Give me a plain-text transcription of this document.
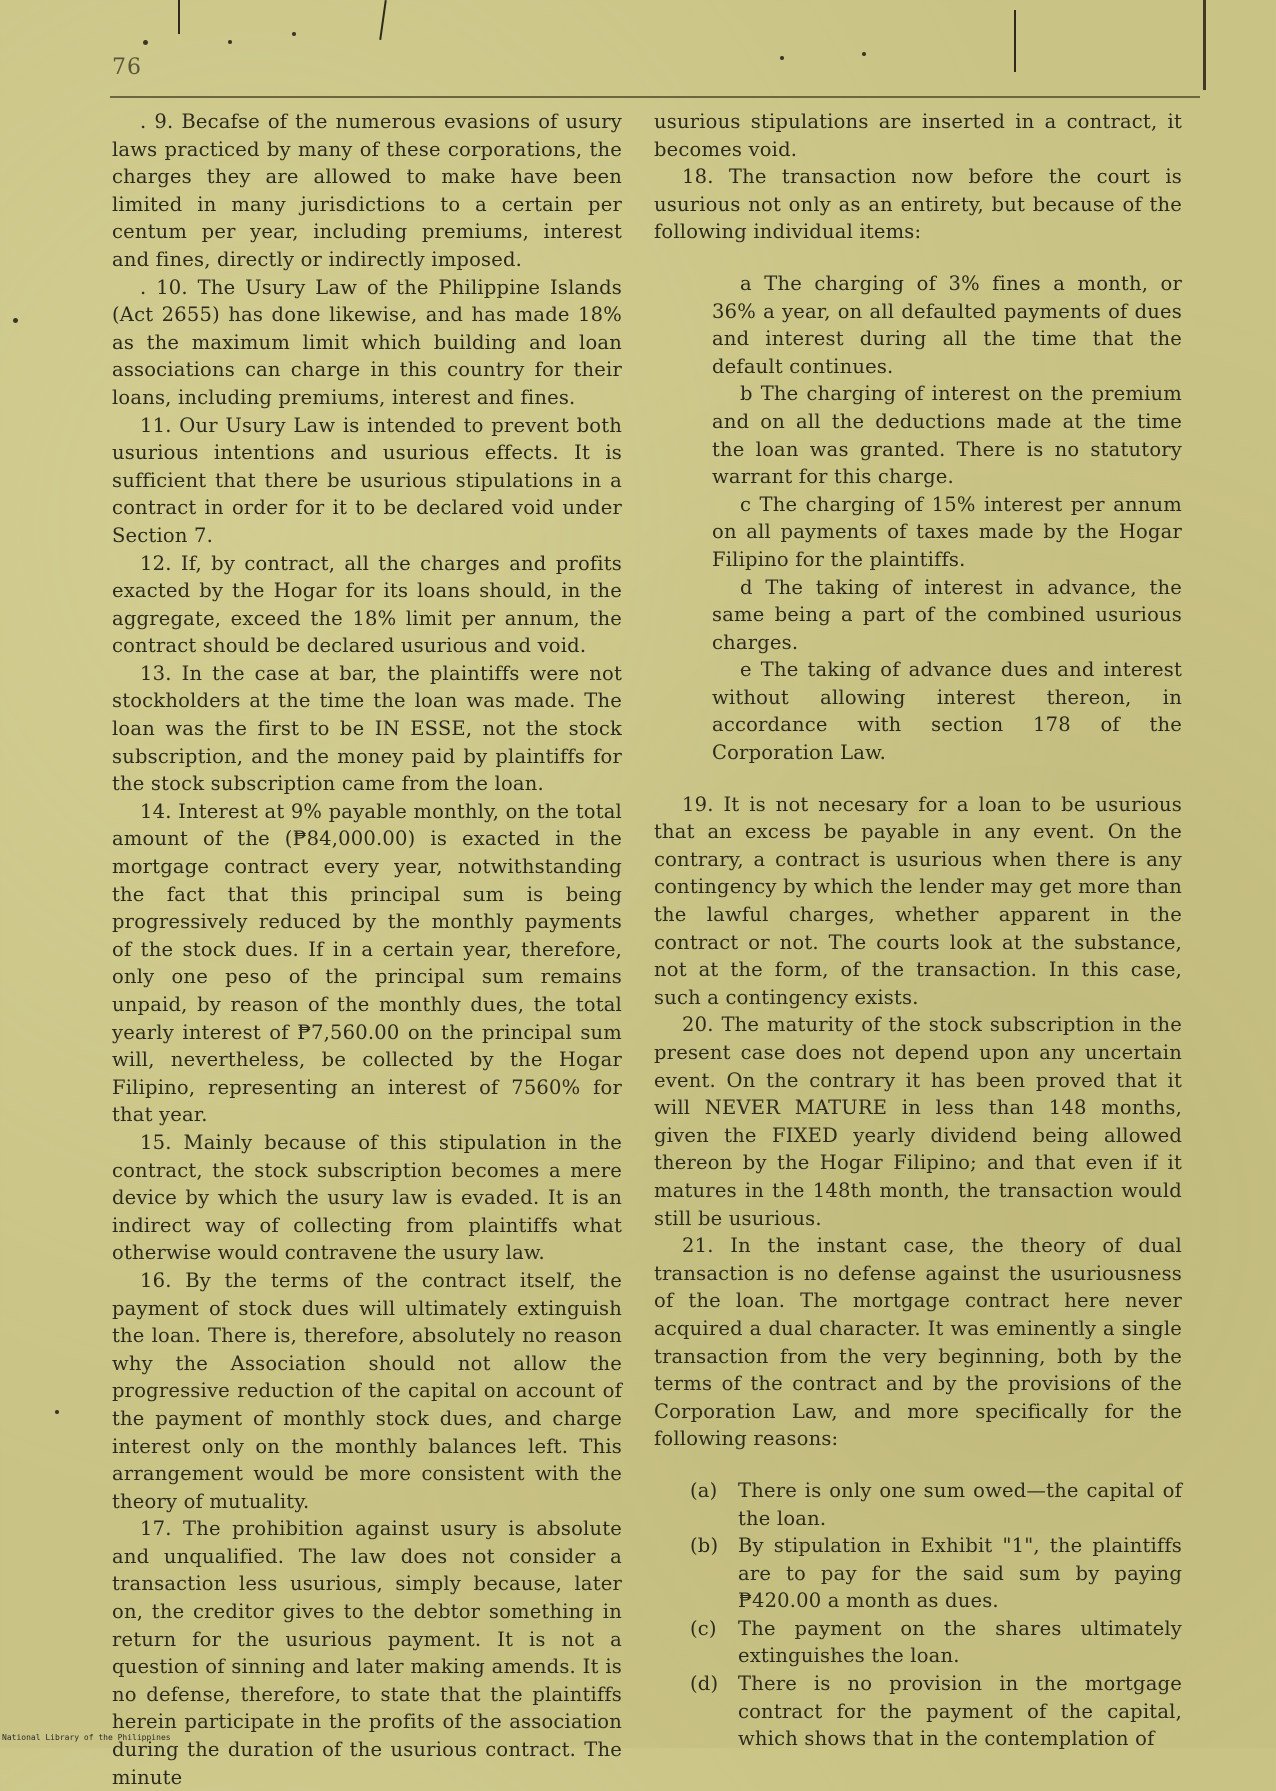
76

. 9. Becafse of the numerous evasions of usury laws practiced by many of these corporations, the charges they are allowed to make have been limited in many jurisdictions to a certain per centum per year, including premiums, interest and fines, directly or indirectly imposed.

. 10. The Usury Law of the Philippine Islands (Act 2655) has done likewise, and has made 18% as the maximum limit which building and loan associations can charge in this country for their loans, including premiums, interest and fines.

11. Our Usury Law is intended to prevent both usurious intentions and usurious effects. It is sufficient that there be usurious stipulations in a contract in order for it to be declared void under Section 7.

12. If, by contract, all the charges and profits exacted by the Hogar for its loans should, in the aggregate, exceed the 18% limit per annum, the contract should be declared usurious and void.

13. In the case at bar, the plaintiffs were not stockholders at the time the loan was made. The loan was the first to be IN ESSE, not the stock subscription, and the money paid by plaintiffs for the stock subscription came from the loan.

14. Interest at 9% payable monthly, on the total amount of the (₱84,000.00) is exacted in the mortgage contract every year, notwithstanding the fact that this principal sum is being progressively reduced by the monthly payments of the stock dues. If in a certain year, therefore, only one peso of the principal sum remains unpaid, by reason of the monthly dues, the total yearly interest of ₱7,560.00 on the principal sum will, nevertheless, be collected by the Hogar Filipino, representing an interest of 7560% for that year.

15. Mainly because of this stipulation in the contract, the stock subscription becomes a mere device by which the usury law is evaded. It is an indirect way of collecting from plaintiffs what otherwise would contravene the usury law.

16. By the terms of the contract itself, the payment of stock dues will ultimately extinguish the loan. There is, therefore, absolutely no reason why the Association should not allow the progressive reduction of the capital on account of the payment of monthly stock dues, and charge interest only on the monthly balances left. This arrangement would be more consistent with the theory of mutuality.

17. The prohibition against usury is absolute and unqualified. The law does not consider a transaction less usurious, simply because, later on, the creditor gives to the debtor something in return for the usurious payment. It is not a question of sinning and later making amends. It is no defense, therefore, to state that the plaintiffs herein participate in the profits of the association during the duration of the usurious contract. The minute

usurious stipulations are inserted in a contract, it becomes void.

18. The transaction now before the court is usurious not only as an entirety, but because of the following individual items:

a The charging of 3% fines a month, or 36% a year, on all defaulted payments of dues and interest during all the time that the default continues.

b The charging of interest on the premium and on all the deductions made at the time the loan was granted. There is no statutory warrant for this charge.

c The charging of 15% interest per annum on all payments of taxes made by the Hogar Filipino for the plaintiffs.

d The taking of interest in advance, the same being a part of the combined usurious charges.

e The taking of advance dues and interest without allowing interest thereon, in accordance with section 178 of the Corporation Law.

19. It is not necesary for a loan to be usurious that an excess be payable in any event. On the contrary, a contract is usurious when there is any contingency by which the lender may get more than the lawful charges, whether apparent in the contract or not. The courts look at the substance, not at the form, of the transaction. In this case, such a contingency exists.

20. The maturity of the stock subscription in the present case does not depend upon any uncertain event. On the contrary it has been proved that it will NEVER MATURE in less than 148 months, given the FIXED yearly dividend being allowed thereon by the Hogar Filipino; and that even if it matures in the 148th month, the transaction would still be usurious.

21. In the instant case, the theory of dual transaction is no defense against the usuriousness of the loan. The mortgage contract here never acquired a dual character. It was eminently a single transaction from the very beginning, both by the terms of the contract and by the provisions of the Corporation Law, and more specifically for the following reasons:

(a)	There is only one sum owed—the capital of the loan.
(b)	By stipulation in Exhibit "1", the plaintiffs are to pay for the said sum by paying ₱420.00 a month as dues.
(c)	The payment on the shares ultimately extinguishes the loan.
(d)	There is no provision in the mortgage contract for the payment of the capital, which shows that in the contemplation of
National Library of the Philippines
